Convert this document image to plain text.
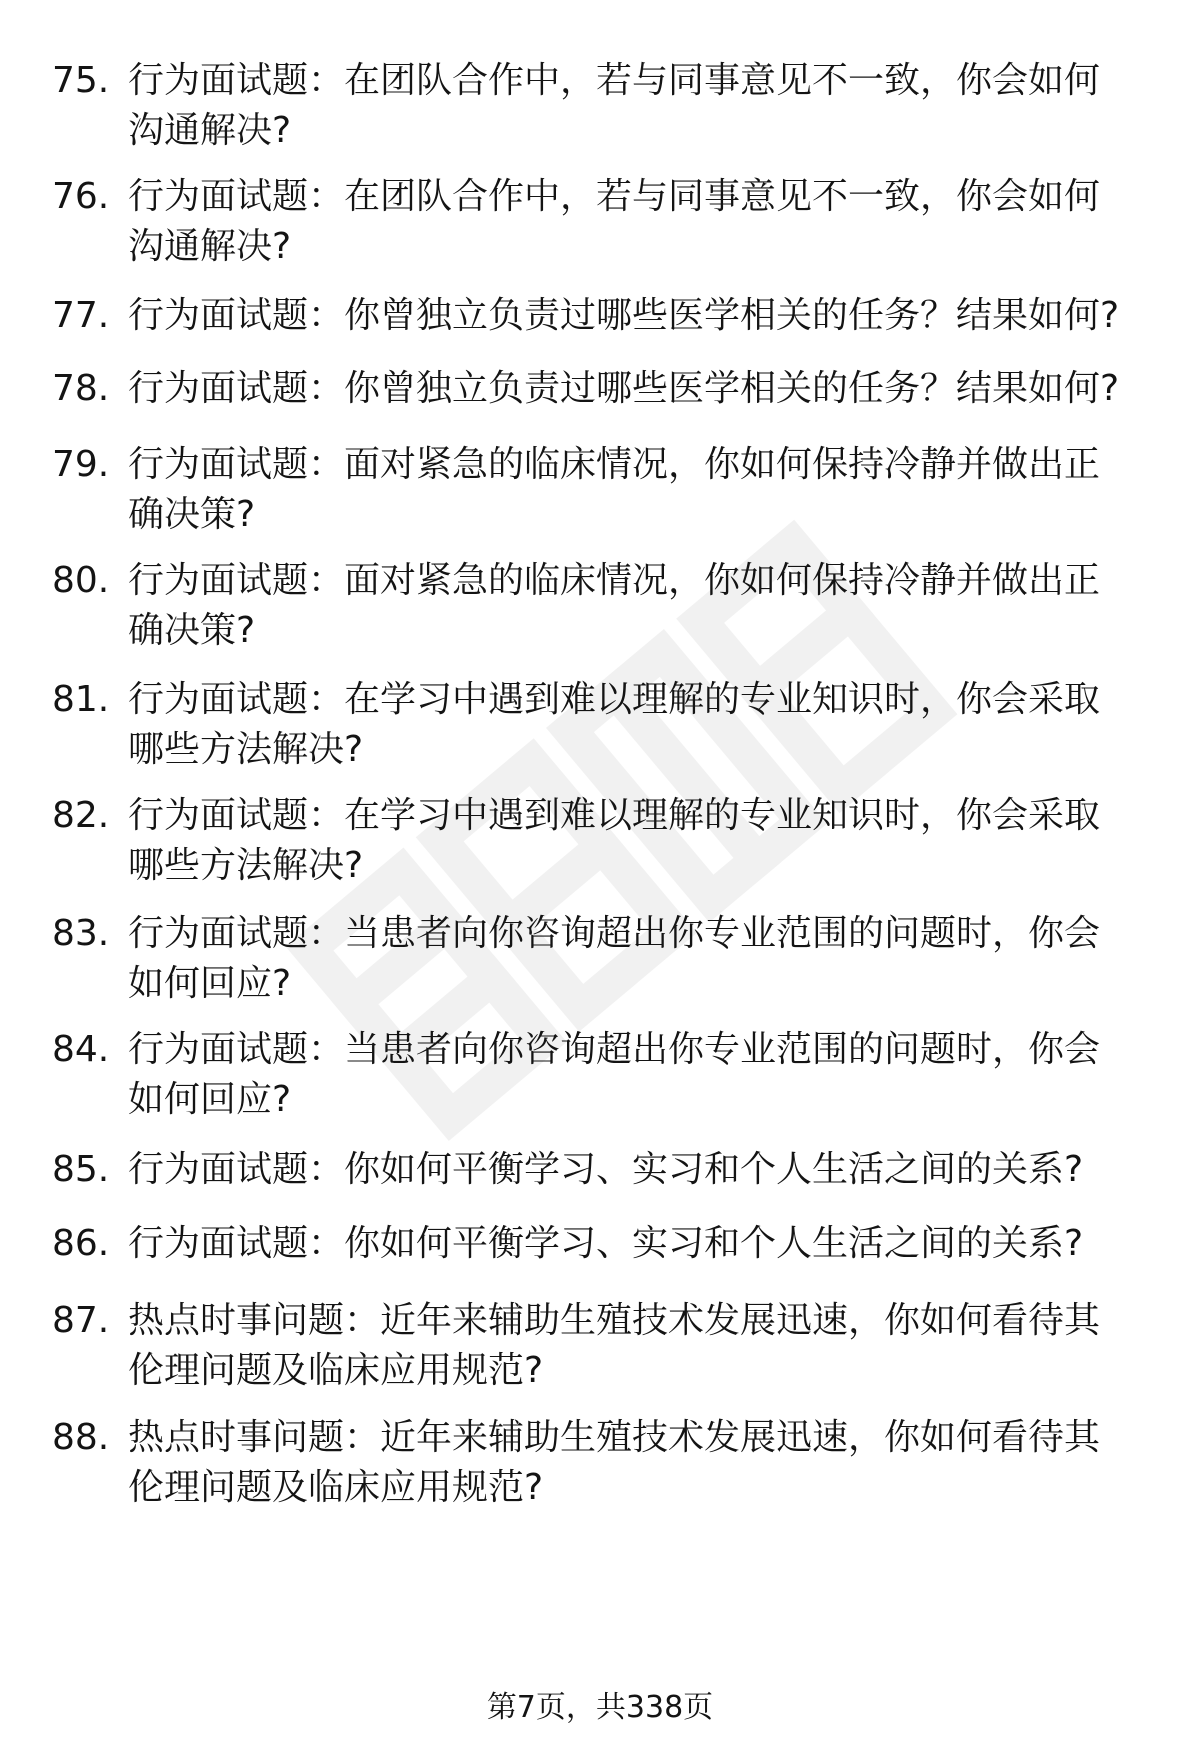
75. 行为面试题：在团队合作中，若与同事意见不一致，你会如何沟通解决?
76. 行为面试题：在团队合作中，若与同事意见不一致，你会如何沟通解决?
77. 行为面试题：你曾独立负责过哪些医学相关的任务？结果如何?
78. 行为面试题：你曾独立负责过哪些医学相关的任务？结果如何?
79. 行为面试题：面对紧急的临床情况，你如何保持冷静并做出正确决策?
80. 行为面试题：面对紧急的临床情况，你如何保持冷静并做出正确决策?
81. 行为面试题：在学习中遇到难以理解的专业知识时，你会采取哪些方法解决?
82. 行为面试题：在学习中遇到难以理解的专业知识时，你会采取哪些方法解决?
83. 行为面试题：当患者向你咨询超出你专业范围的问题时，你会如何回应?
84. 行为面试题：当患者向你咨询超出你专业范围的问题时，你会如何回应?
85. 行为面试题：你如何平衡学习、实习和个人生活之间的关系?
86. 行为面试题：你如何平衡学习、实习和个人生活之间的关系?
87. 热点时事问题：近年来辅助生殖技术发展迅速，你如何看待其伦理问题及临床应用规范?
88. 热点时事问题：近年来辅助生殖技术发展迅速，你如何看待其伦理问题及临床应用规范?
第7页，共338页
